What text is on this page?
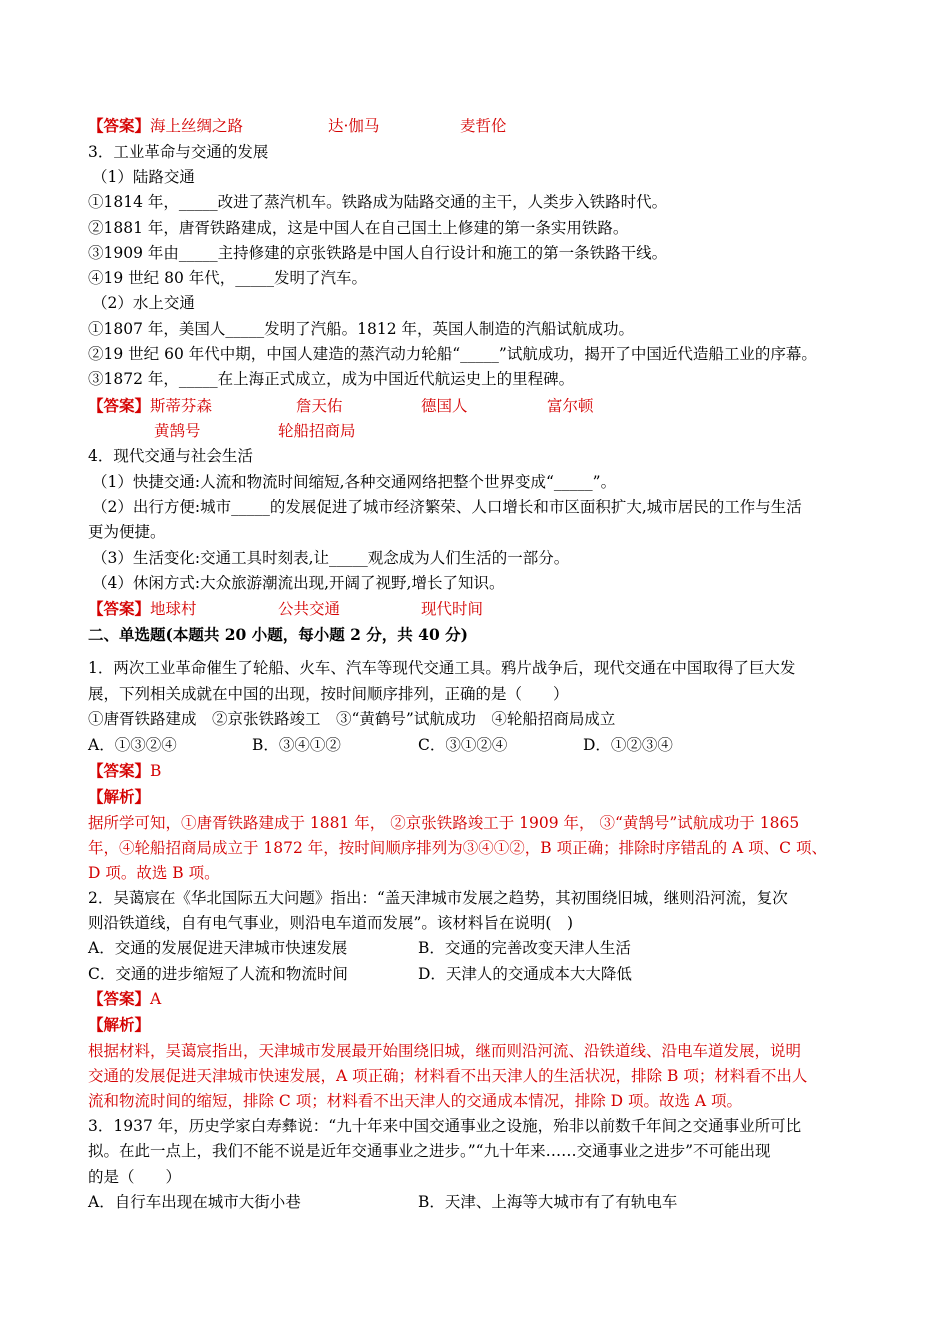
【答案】海上丝绸之路	达·伽马	麦哲伦
3．工业革命与交通的发展
（1）陆路交通
①1814 年，_____改进了蒸汽机车。铁路成为陆路交通的主干，人类步入铁路时代。
②1881 年，唐胥铁路建成，这是中国人在自己国土上修建的第一条实用铁路。
③1909 年由_____主持修建的京张铁路是中国人自行设计和施工的第一条铁路干线。
④19 世纪 80 年代，_____发明了汽车。
（2）水上交通
①1807 年，美国人_____发明了汽船。1812 年，英国人制造的汽船试航成功。
②19 世纪 60 年代中期，中国人建造的蒸汽动力轮船“_____”试航成功，揭开了中国近代造船工业的序幕。
③1872 年，_____在上海正式成立，成为中国近代航运史上的里程碑。
【答案】斯蒂芬森	詹天佑	德国人	富尔顿
黄鹄号	轮船招商局
4．现代交通与社会生活
（1）快捷交通:人流和物流时间缩短,各种交通网络把整个世界变成“_____”。
（2）出行方便:城市_____的发展促进了城市经济繁荣、人口增长和市区面积扩大,城市居民的工作与生活
更为便捷。
（3）生活变化:交通工具时刻表,让_____观念成为人们生活的一部分。
（4）休闲方式:大众旅游潮流出现,开阔了视野,增长了知识。
【答案】地球村	公共交通	现代时间
二、单选题(本题共 20 小题，每小题 2 分，共 40 分)
1．两次工业革命催生了轮船、火车、汽车等现代交通工具。鸦片战争后，现代交通在中国取得了巨大发
展，下列相关成就在中国的出现，按时间顺序排列，正确的是（　　）
①唐胥铁路建成　②京张铁路竣工　③“黄鹤号”试航成功　④轮船招商局成立
A．①③②④	B．③④①②	C．③①②④	D．①②③④
【答案】B
【解析】
据所学可知，①唐胥铁路建成于 1881 年， ②京张铁路竣工于 1909 年， ③“黄鹄号”试航成功于 1865
年，④轮船招商局成立于 1872 年，按时间顺序排列为③④①②，B 项正确；排除时序错乱的 A 项、C 项、
D 项。故选 B 项。
2．吴蔼宸在《华北国际五大问题》指出：“盖天津城市发展之趋势，其初围绕旧城，继则沿河流，复次
则沿铁道线，自有电气事业，则沿电车道而发展”。该材料旨在说明(　)
A．交通的发展促进天津城市快速发展	B．交通的完善改变天津人生活
C．交通的进步缩短了人流和物流时间	D．天津人的交通成本大大降低
【答案】A
【解析】
根据材料，吴蔼宸指出，天津城市发展最开始围绕旧城，继而则沿河流、沿铁道线、沿电车道发展，说明
交通的发展促进天津城市快速发展，A 项正确；材料看不出天津人的生活状况，排除 B 项；材料看不出人
流和物流时间的缩短，排除 C 项；材料看不出天津人的交通成本情况，排除 D 项。故选 A 项。
3．1937 年，历史学家白寿彝说：“九十年来中国交通事业之设施，殆非以前数千年间之交通事业所可比
拟。在此一点上，我们不能不说是近年交通事业之进步。”“九十年来……交通事业之进步”不可能出现
的是（　　）
A．自行车出现在城市大街小巷	B．天津、上海等大城市有了有轨电车
